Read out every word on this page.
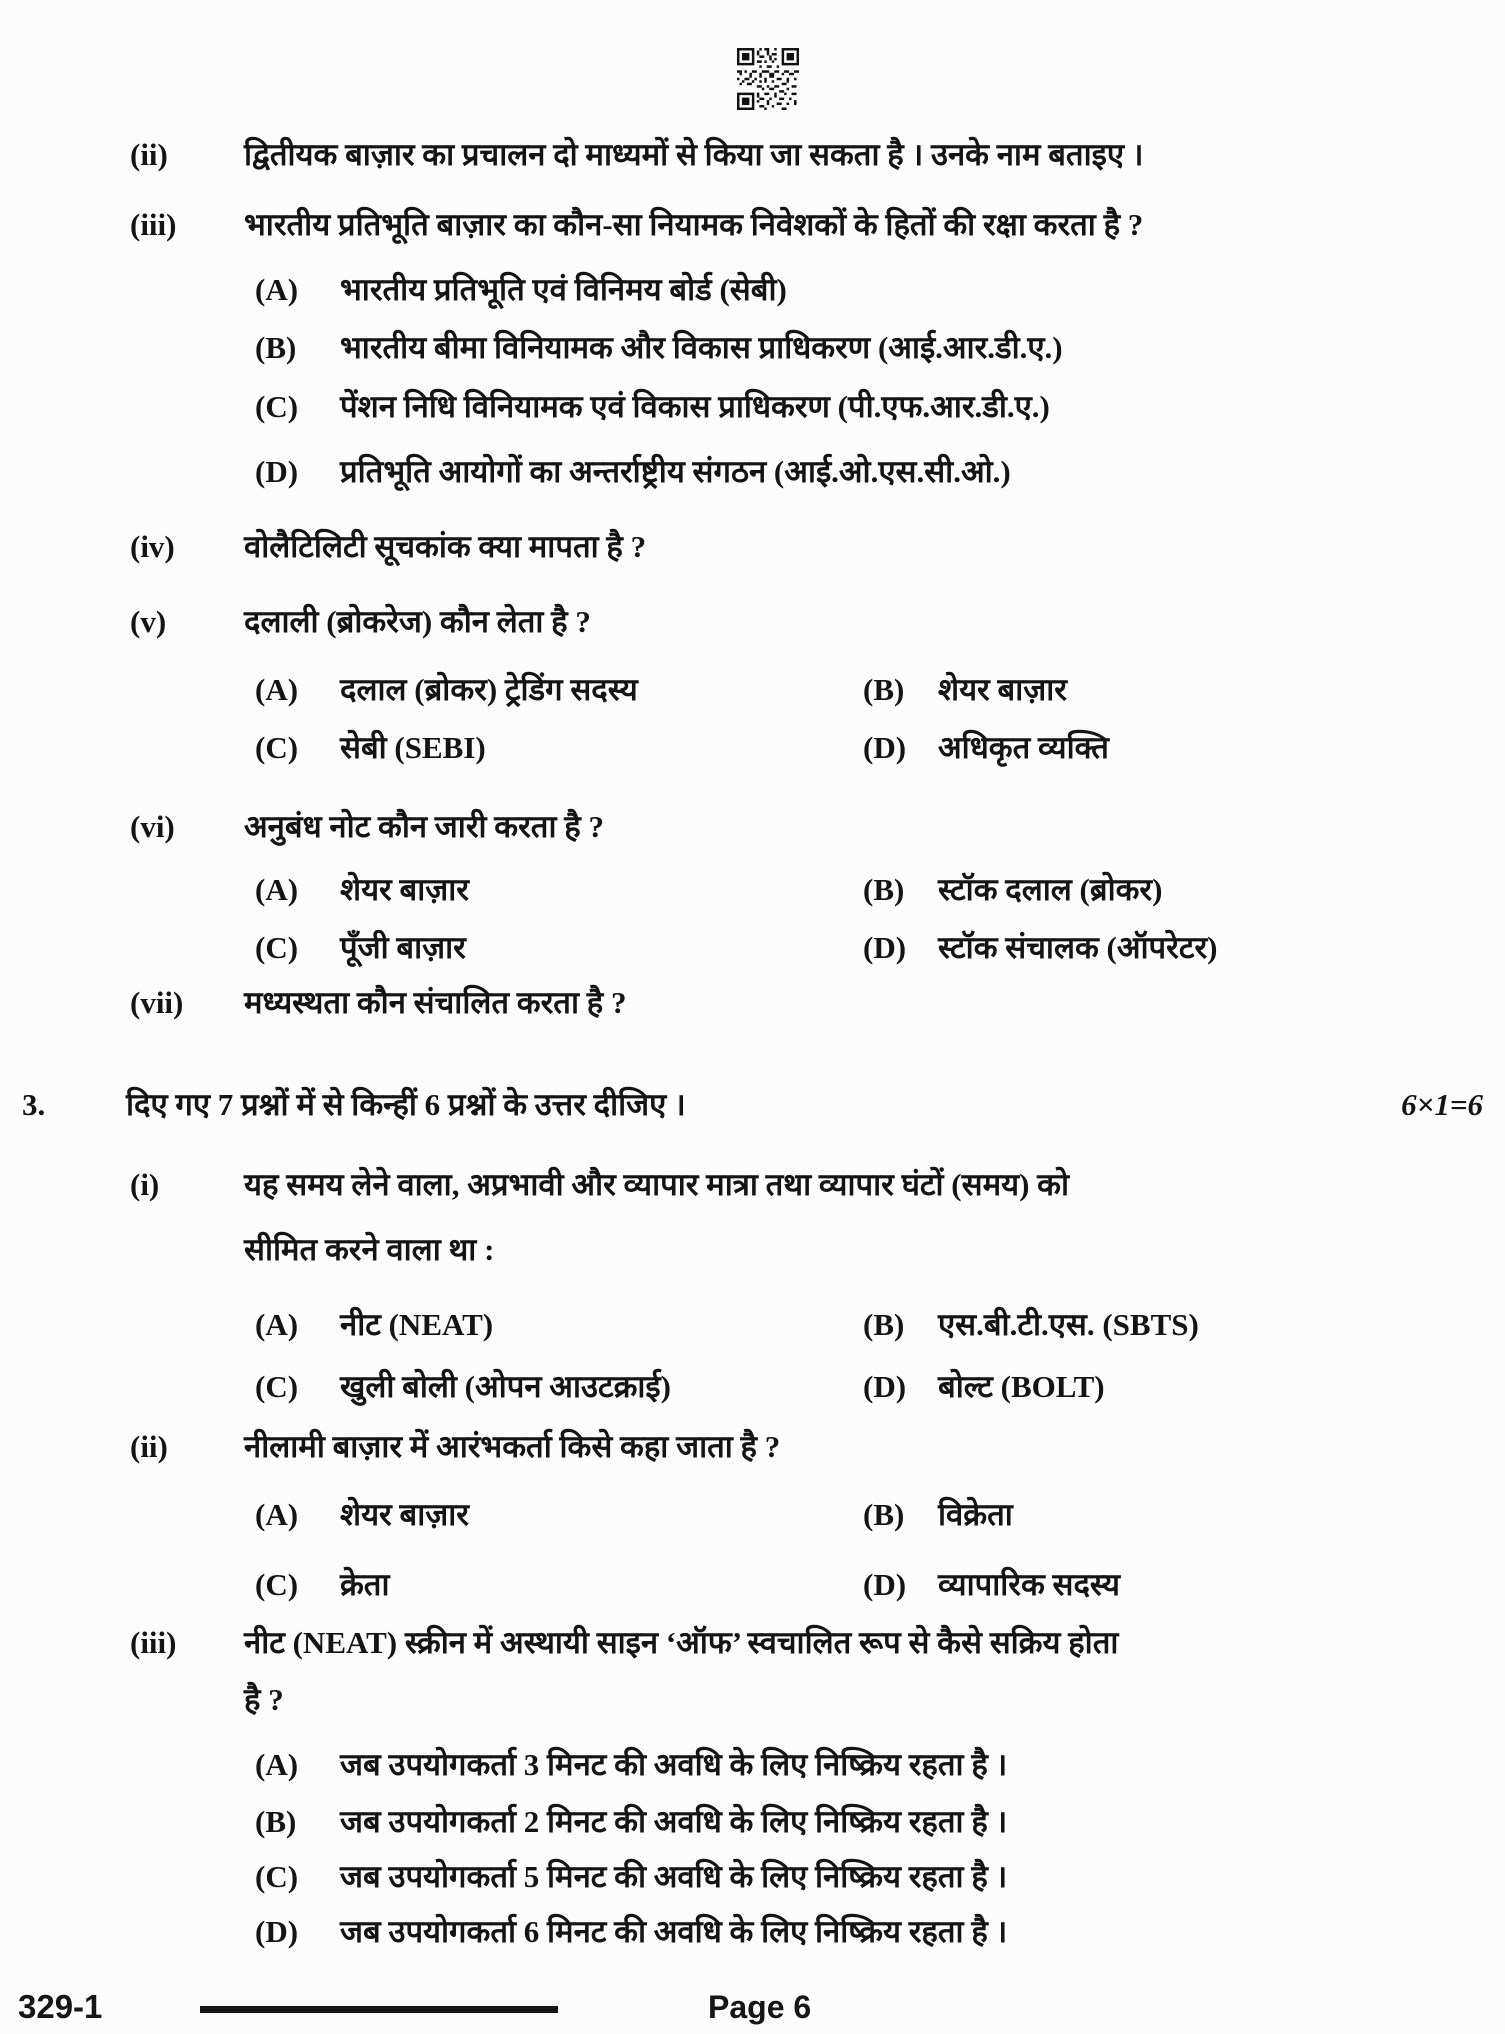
(ii) द्वितीयक बाज़ार का प्रचालन दो माध्यमों से किया जा सकता है । उनके नाम बताइए ।
(iii) भारतीय प्रतिभूति बाज़ार का कौन-सा नियामक निवेशकों के हितों की रक्षा करता है ?
(A) भारतीय प्रतिभूति एवं विनिमय बोर्ड (सेबी)
(B) भारतीय बीमा विनियामक और विकास प्राधिकरण (आई.आर.डी.ए.)
(C) पेंशन निधि विनियामक एवं विकास प्राधिकरण (पी.एफ.आर.डी.ए.)
(D) प्रतिभूति आयोगों का अन्तर्राष्ट्रीय संगठन (आई.ओ.एस.सी.ओ.)
(iv) वोलैटिलिटी सूचकांक क्या मापता है ?
(v)	दलाली (ब्रोकरेज) कौन लेता है ?
(A) दलाल (ब्रोकर) ट्रेडिंग सदस्य	(B) शेयर बाज़ार
(C) सेबी (SEBI)	(D) अधिकृत व्यक्ति
(vi) अनुबंध नोट कौन जारी करता है ?
(A) शेयर बाज़ार	(B) स्टॉक दलाल (ब्रोकर)
(C) पूँजी बाज़ार	(D) स्टॉक संचालक (ऑपरेटर)
(vii) मध्यस्थता कौन संचालित करता है ?
3.	दिए गए 7 प्रश्नों में से किन्हीं 6 प्रश्नों के उत्तर दीजिए ।	6×1=6
(i)	यह समय लेने वाला, अप्रभावी और व्यापार मात्रा तथा व्यापार घंटों (समय) को
सीमित करने वाला था :
(A) नीट (NEAT)	(B) एस.बी.टी.एस. (SBTS)
(C) खुली बोली (ओपन आउटक्राई)	(D) बोल्ट (BOLT)
(ii) नीलामी बाज़ार में आरंभकर्ता किसे कहा जाता है ?
(A) शेयर बाज़ार	(B) विक्रेता
(C) क्रेता	(D) व्यापारिक सदस्य
(iii) नीट (NEAT) स्क्रीन में अस्थायी साइन ‘ऑफ’ स्वचालित रूप से कैसे सक्रिय होता
है ?
(A) जब उपयोगकर्ता 3 मिनट की अवधि के लिए निष्क्रिय रहता है ।
(B) जब उपयोगकर्ता 2 मिनट की अवधि के लिए निष्क्रिय रहता है ।
(C) जब उपयोगकर्ता 5 मिनट की अवधि के लिए निष्क्रिय रहता है ।
(D) जब उपयोगकर्ता 6 मिनट की अवधि के लिए निष्क्रिय रहता है ।
329-1	Page 6
